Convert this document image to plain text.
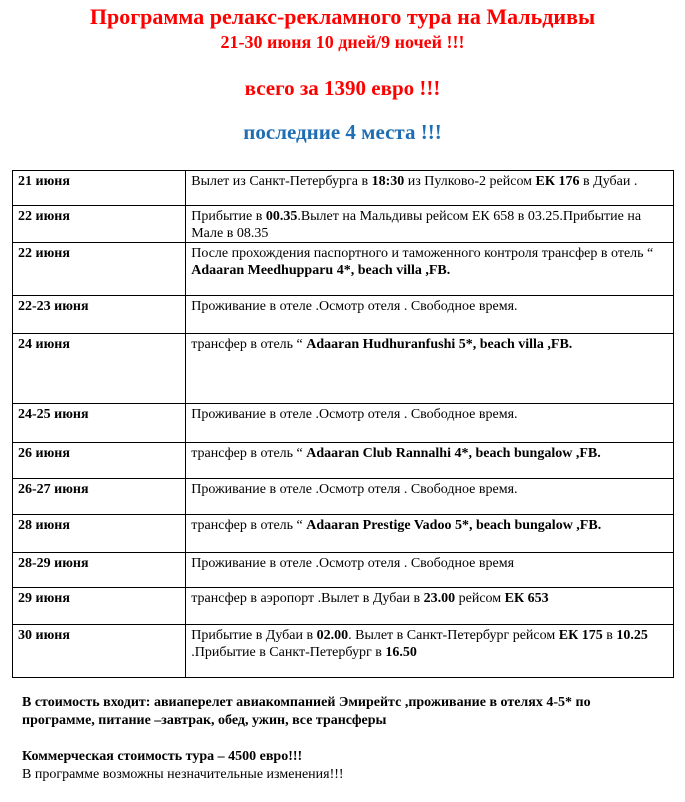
Программа релакс-рекламного тура на Мальдивы
21-30 июня 10 дней/9 ночей !!!
всего за 1390 евро !!!
последние 4 места !!!
21 июня	Вылет из Санкт-Петербурга в 18:30 из Пулково-2 рейсом ЕК 176 в Дубаи .
22 июня	Прибытие в 00.35.Вылет на Мальдивы рейсом ЕК 658 в 03.25.Прибытие на Мале в 08.35
22 июня	После прохождения паспортного и таможенного контроля трансфер в отель “ Adaaran Meedhupparu 4*, beach villa ,FB.
22-23 июня	Проживание в отеле .Осмотр отеля . Свободное время.
24 июня	трансфер в отель “ Adaaran Hudhuranfushi 5*, beach villa ,FB.
24-25 июня	Проживание в отеле .Осмотр отеля . Свободное время.
26 июня	трансфер в отель “ Adaaran Club Rannalhi 4*, beach bungalow ,FB.
26-27 июня	Проживание в отеле .Осмотр отеля . Свободное время.
28 июня	трансфер в отель “ Adaaran Prestige Vadoo 5*, beach bungalow ,FB.
28-29 июня	Проживание в отеле .Осмотр отеля . Свободное время
29 июня	трансфер в аэропорт .Вылет в Дубаи в 23.00 рейсом ЕК 653
30 июня	Прибытие в Дубаи в 02.00. Вылет в Санкт-Петербург рейсом ЕК 175 в 10.25 .Прибытие в Санкт-Петербург в 16.50
В стоимость входит: авиаперелет авиакомпанией Эмирейтс ,проживание в отелях 4-5* по
программе, питание –завтрак, обед, ужин, все трансферы
Коммерческая стоимость тура – 4500 евро!!!
В программе возможны незначительные изменения!!!
